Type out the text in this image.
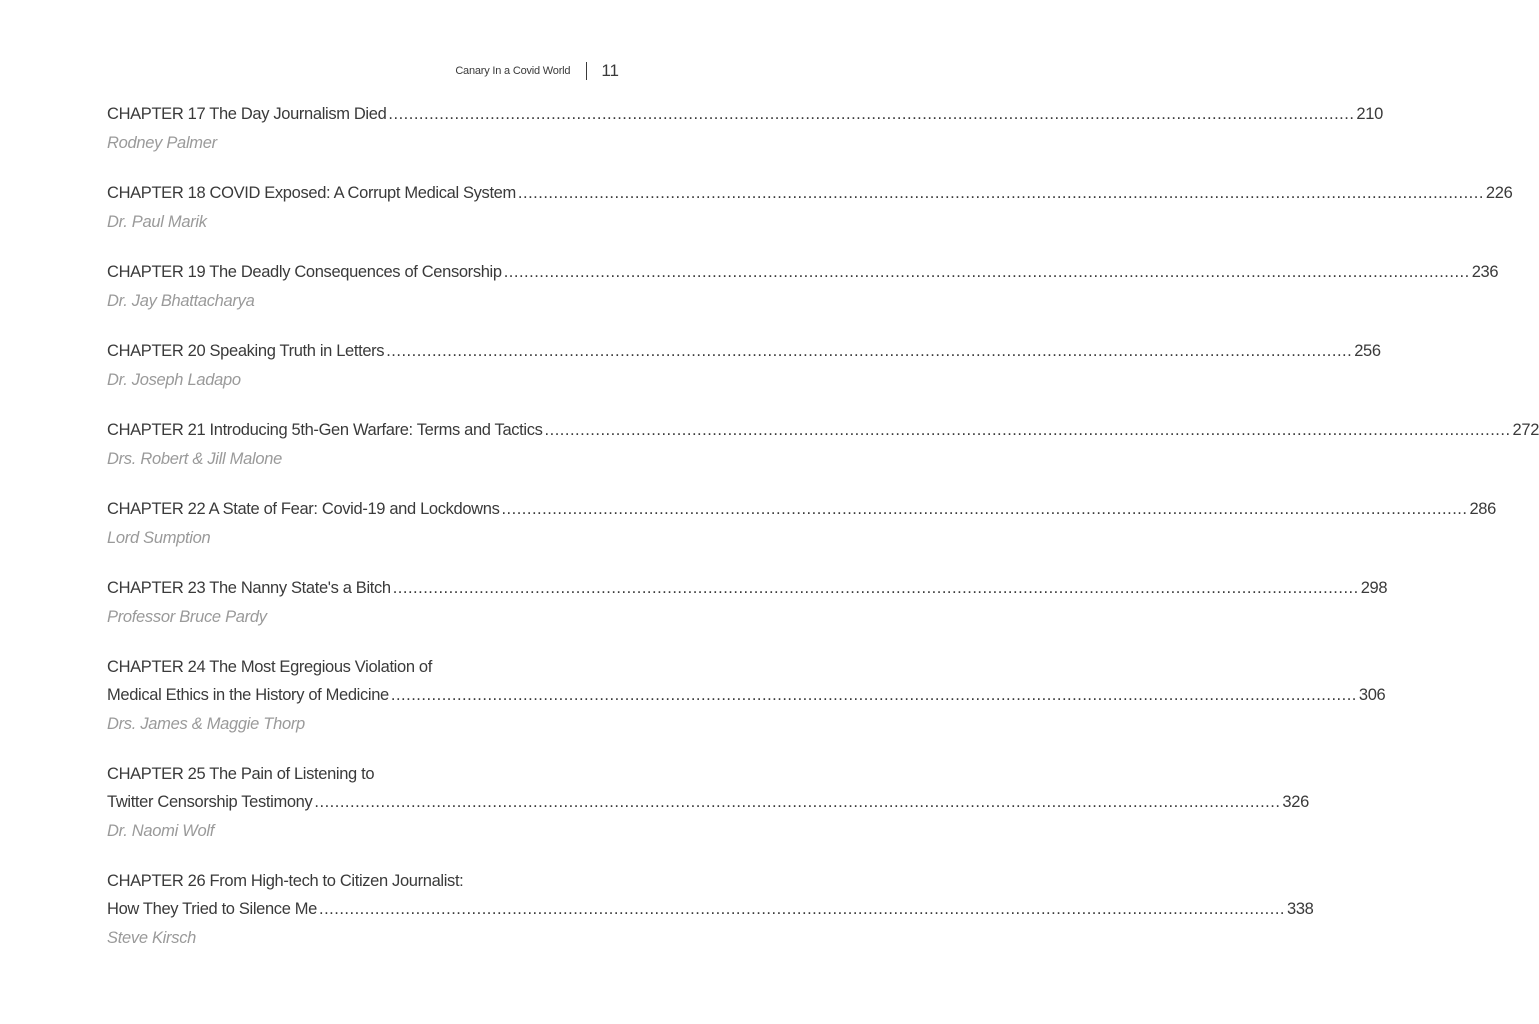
Canary In a Covid World 11
CHAPTER 17 The Day Journalism Died .....	210
Rodney Palmer
CHAPTER 18 COVID Exposed: A Corrupt Medical System .....	226
Dr. Paul Marik
CHAPTER 19 The Deadly Consequences of Censorship .....	236
Dr. Jay Bhattacharya
CHAPTER 20 Speaking Truth in Letters .....	256
Dr. Joseph Ladapo
CHAPTER 21 Introducing 5th-Gen Warfare: Terms and Tactics .....	272
Drs. Robert & Jill Malone
CHAPTER 22 A State of Fear: Covid-19 and Lockdowns .....	286
Lord Sumption
CHAPTER 23 The Nanny State's a Bitch .....	298
Professor Bruce Pardy
CHAPTER 24 The Most Egregious Violation of
Medical Ethics in the History of Medicine .....	306
Drs. James & Maggie Thorp
CHAPTER 25 The Pain of Listening to
Twitter Censorship Testimony .....	326
Dr. Naomi Wolf
CHAPTER 26 From High-tech to Citizen Journalist:
How They Tried to Silence Me .....	338
Steve Kirsch
